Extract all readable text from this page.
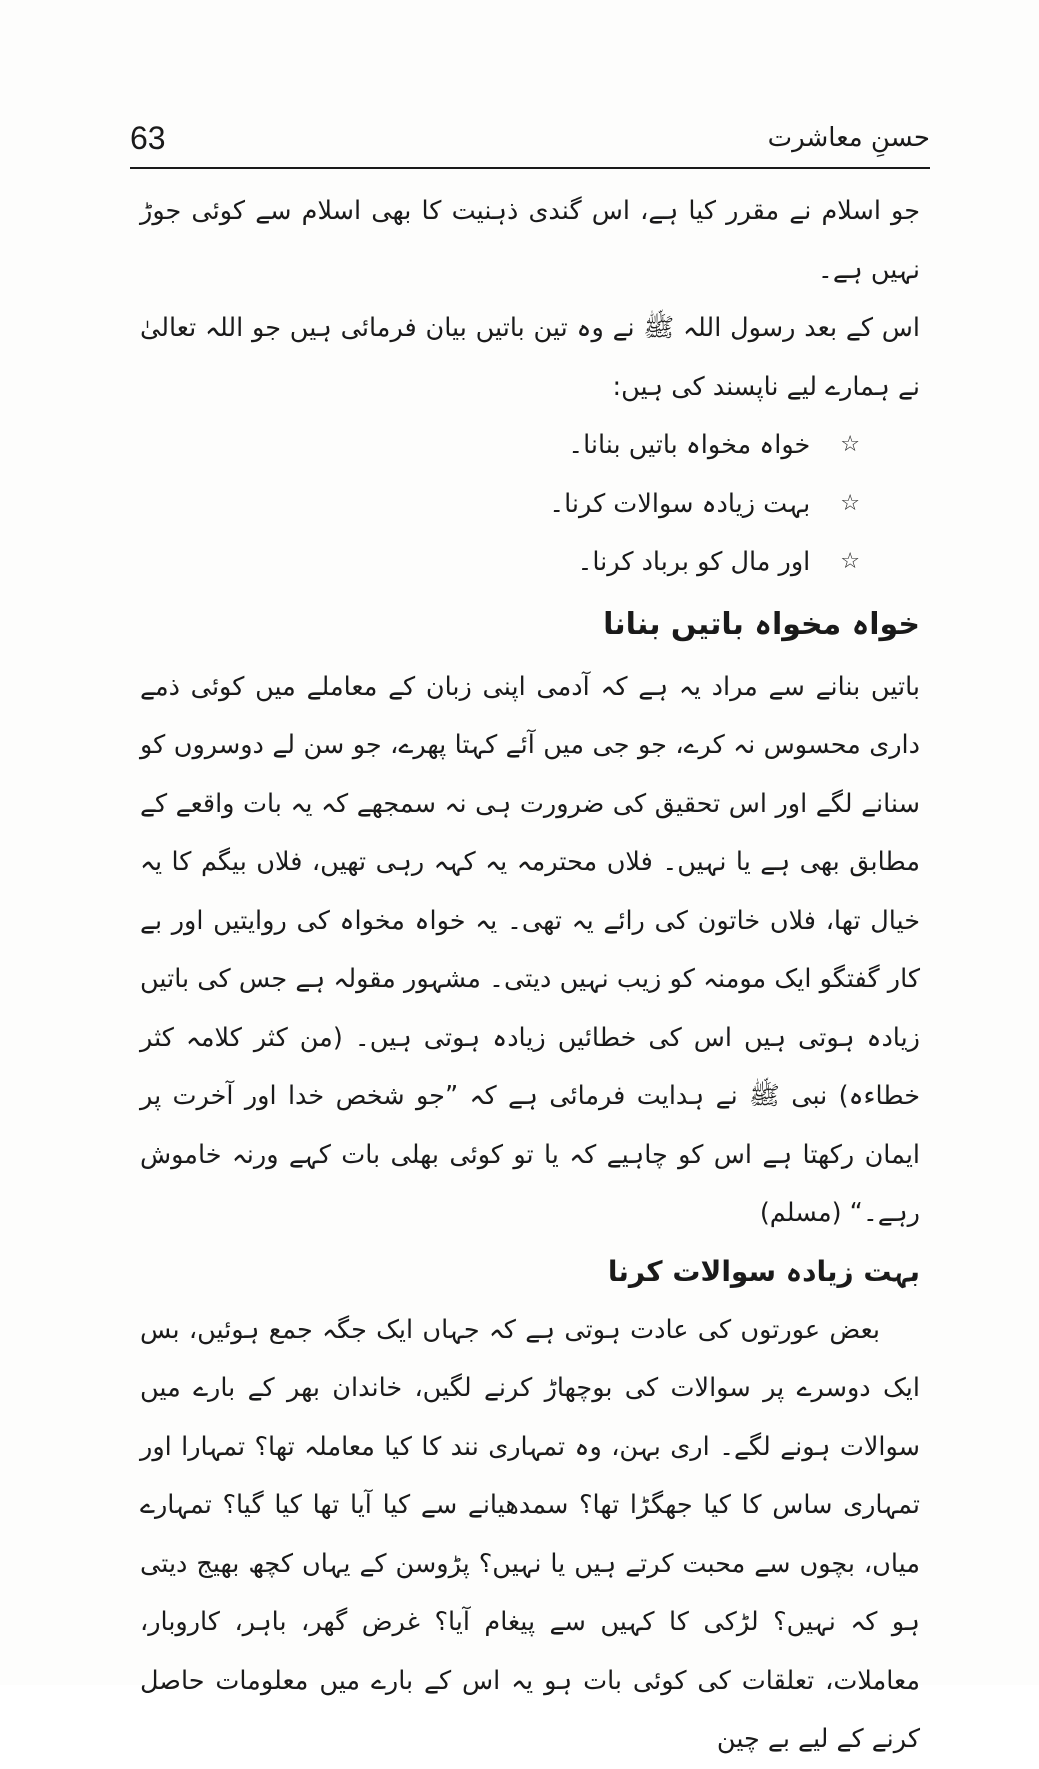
63	حسنِ معاشرت

جو اسلام نے مقرر کیا ہے، اس گندی ذہنیت کا بھی اسلام سے کوئی جوڑ نہیں ہے۔

اس کے بعد رسول اللہ ﷺ نے وہ تین باتیں بیان فرمائی ہیں جو اللہ تعالیٰ نے ہمارے لیے ناپسند کی ہیں:

☆
خواہ مخواہ باتیں بنانا۔
☆
بہت زیادہ سوالات کرنا۔
☆
اور مال کو برباد کرنا۔
خواہ مخواہ باتیں بنانا

باتیں بنانے سے مراد یہ ہے کہ آدمی اپنی زبان کے معاملے میں کوئی ذمے داری محسوس نہ کرے، جو جی میں آئے کہتا پھرے، جو سن لے دوسروں کو سنانے لگے اور اس تحقیق کی ضرورت ہی نہ سمجھے کہ یہ بات واقعے کے مطابق بھی ہے یا نہیں۔ فلاں محترمہ یہ کہہ رہی تھیں، فلاں بیگم کا یہ خیال تھا، فلاں خاتون کی رائے یہ تھی۔ یہ خواہ مخواہ کی روایتیں اور بے کار گفتگو ایک مومنہ کو زیب نہیں دیتی۔ مشہور مقولہ ہے جس کی باتیں زیادہ ہوتی ہیں اس کی خطائیں زیادہ ہوتی ہیں۔ (من کثر کلامہ کثر خطاءہ) نبی ﷺ نے ہدایت فرمائی ہے کہ ”جو شخص خدا اور آخرت پر ایمان رکھتا ہے اس کو چاہیے کہ یا تو کوئی بھلی بات کہے ورنہ خاموش رہے۔“ (مسلم)

بہت زیادہ سوالات کرنا

بعض عورتوں کی عادت ہوتی ہے کہ جہاں ایک جگہ جمع ہوئیں، بس ایک دوسرے پر سوالات کی بوچھاڑ کرنے لگیں، خاندان بھر کے بارے میں سوالات ہونے لگے۔ اری بہن، وہ تمہاری نند کا کیا معاملہ تھا؟ تمہارا اور تمہاری ساس کا کیا جھگڑا تھا؟ سمدھیانے سے کیا آیا تھا کیا گیا؟ تمہارے میاں، بچوں سے محبت کرتے ہیں یا نہیں؟ پڑوسن کے یہاں کچھ بھیج دیتی ہو کہ نہیں؟ لڑکی کا کہیں سے پیغام آیا؟ غرض گھر، باہر، کاروبار، معاملات، تعلقات کی کوئی بات ہو یہ اس کے بارے میں معلومات حاصل کرنے کے لیے بے چین
